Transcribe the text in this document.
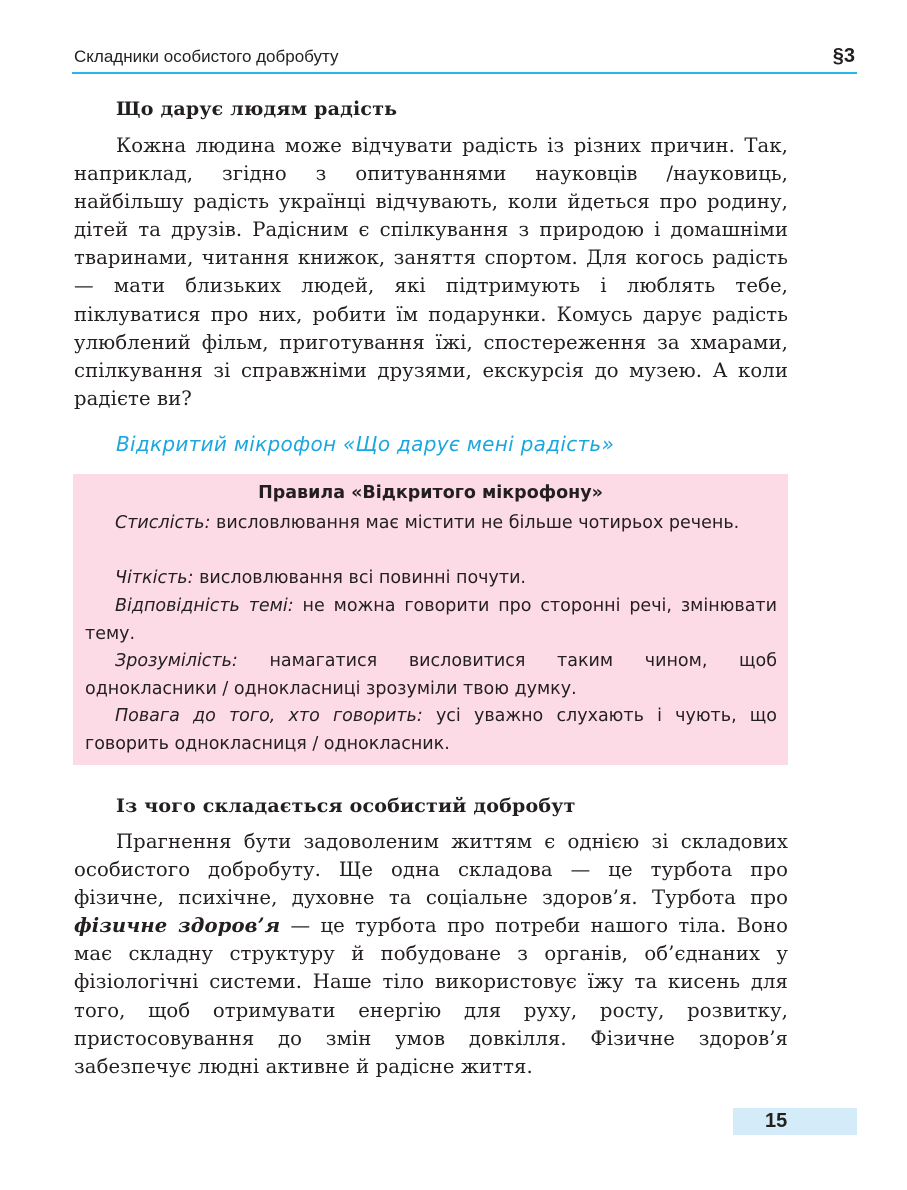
Складники особистого добробуту	§3
Що дарує людям радість

Кожна людина може відчувати радість із різних причин. Так, наприклад, згідно з опитуваннями науковців /науковиць, найбільшу радість українці відчувають, коли йдеться про родину, дітей та друзів. Радісним є спілкування з природою і домашніми тваринами, читання книжок, заняття спортом. Для когось радість — мати близьких людей, які підтримують і люблять тебе, піклуватися про них, робити їм подарунки. Комусь дарує радість улюблений фільм, приготування їжі, спостереження за хмарами, спілкування зі справжніми друзями, екскурсія до музею. А коли радієте ви?

Відкритий мікрофон «Що дарує мені радість»
Правила «Відкритого мікрофону»

Стислість: висловлювання має містити не більше чотирьох речень.

Чіткість: висловлювання всі повинні почути.

Відповідність темі: не можна говорити про сторонні речі, змінювати тему.

Зрозумілість: намагатися висловитися таким чином, щоб однокласники / однокласниці зрозуміли твою думку.

Повага до того, хто говорить: усі уважно слухають і чують, що говорить однокласниця / однокласник.

Із чого складається особистий добробут

Прагнення бути задоволеним життям є однією зі складових особистого добробуту. Ще одна складова — це турбота про фізичне, психічне, духовне та соціальне здоров’я. Турбота про фізичне здоров’я — це турбота про потреби нашого тіла. Воно має складну структуру й побудоване з органів, об’єднаних у фізіологічні системи. Наше тіло використовує їжу та кисень для того, щоб отримувати енергію для руху, росту, розвитку, пристосовування до змін умов довкілля. Фізичне здоров’я забезпечує людні активне й радісне життя.

15
